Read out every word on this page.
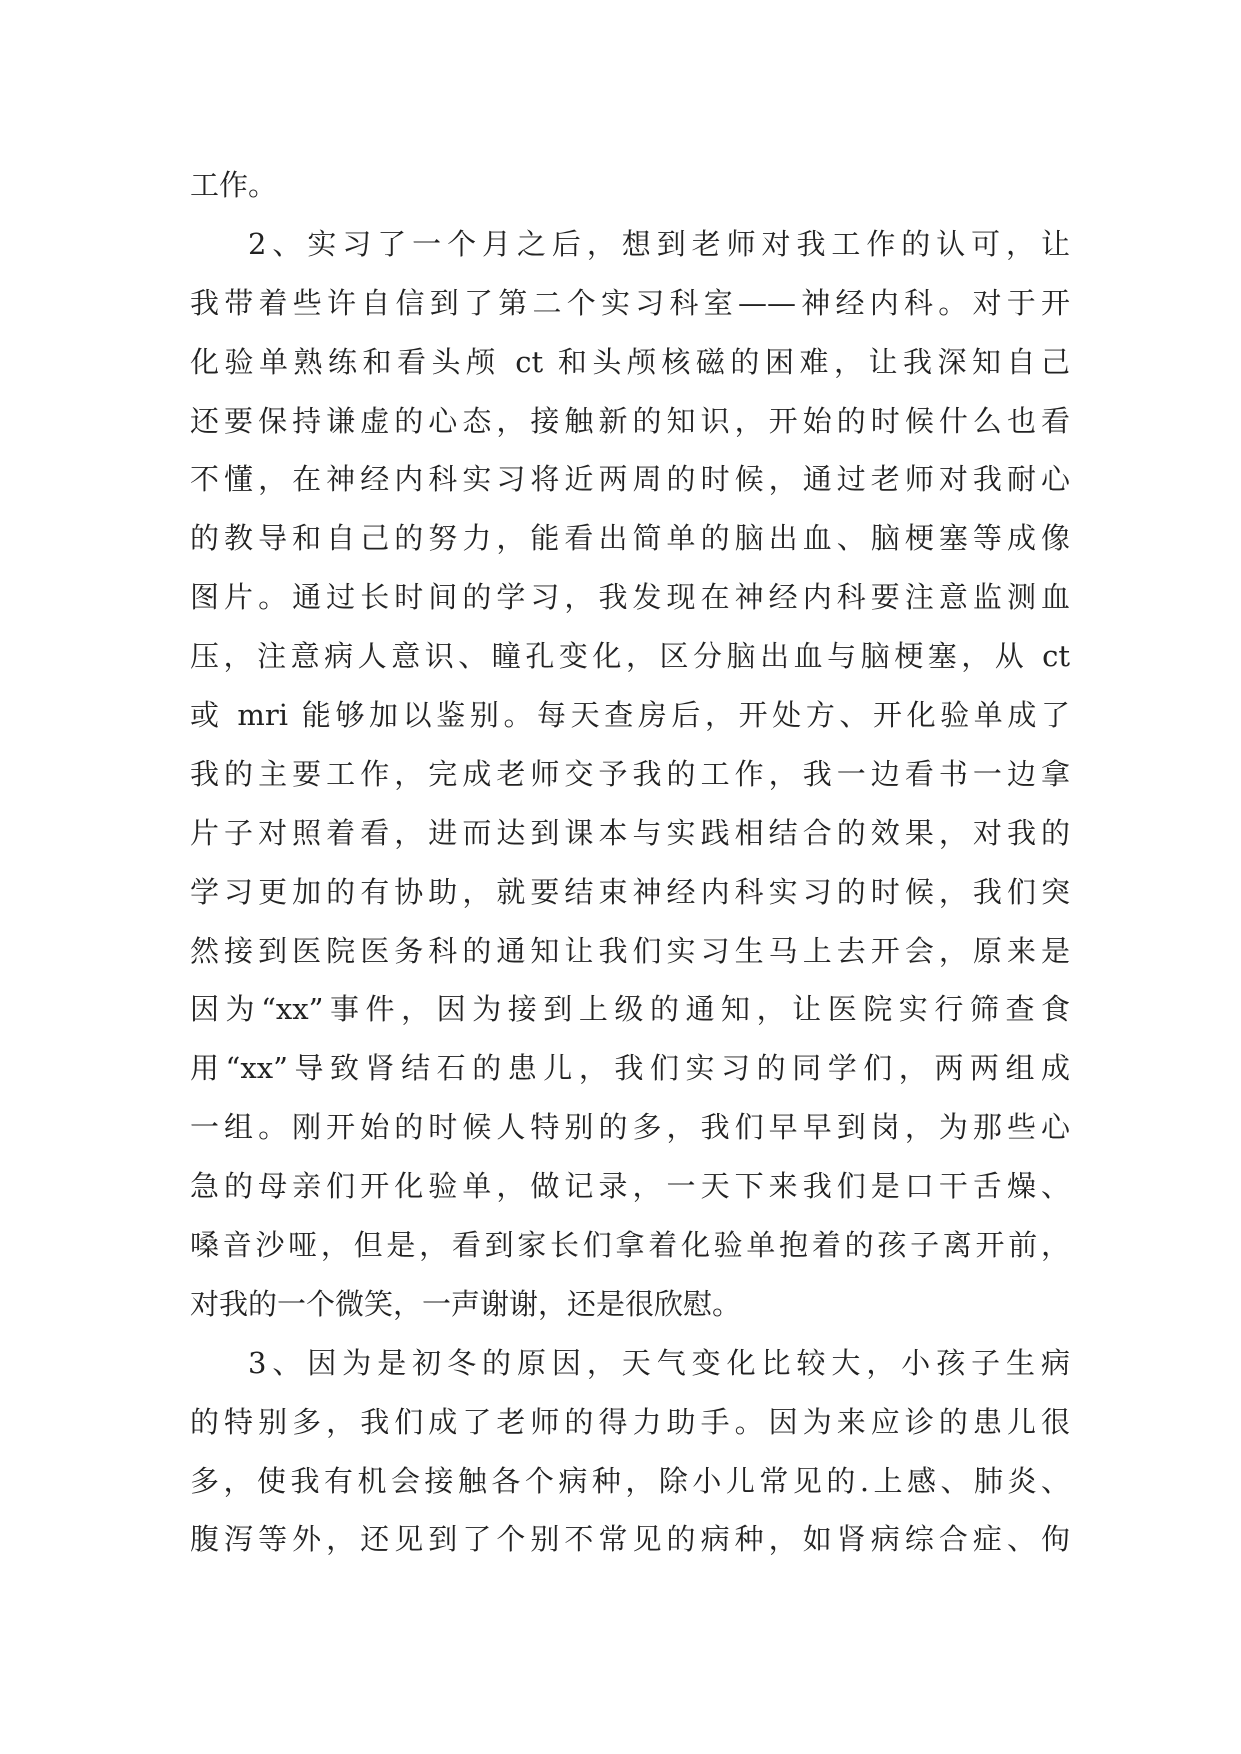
工作。
2、实习了一个月之后，想到老师对我工作的认可，让
我带着些许自信到了第二个实习科室——神经内科。对于开
化验单熟练和看头颅 ct 和头颅核磁的困难，让我深知自己
还要保持谦虚的心态，接触新的知识，开始的时候什么也看
不懂，在神经内科实习将近两周的时候，通过老师对我耐心
的教导和自己的努力，能看出简单的脑出血、脑梗塞等成像
图片。通过长时间的学习，我发现在神经内科要注意监测血
压，注意病人意识、瞳孔变化，区分脑出血与脑梗塞，从 ct
或 mri 能够加以鉴别。每天查房后，开处方、开化验单成了
我的主要工作，完成老师交予我的工作，我一边看书一边拿
片子对照着看，进而达到课本与实践相结合的效果，对我的
学习更加的有协助，就要结束神经内科实习的时候，我们突
然接到医院医务科的通知让我们实习生马上去开会，原来是
因为“xx”事件，因为接到上级的通知，让医院实行筛查食
用“xx”导致肾结石的患儿，我们实习的同学们，两两组成
一组。刚开始的时候人特别的多，我们早早到岗，为那些心
急的母亲们开化验单，做记录，一天下来我们是口干舌燥、
嗓音沙哑，但是，看到家长们拿着化验单抱着的孩子离开前，
对我的一个微笑，一声谢谢，还是很欣慰。
3、因为是初冬的原因，天气变化比较大，小孩子生病
的特别多，我们成了老师的得力助手。因为来应诊的患儿很
多，使我有机会接触各个病种，除小儿常见的.上感、肺炎、
腹泻等外，还见到了个别不常见的病种，如肾病综合症、佝
